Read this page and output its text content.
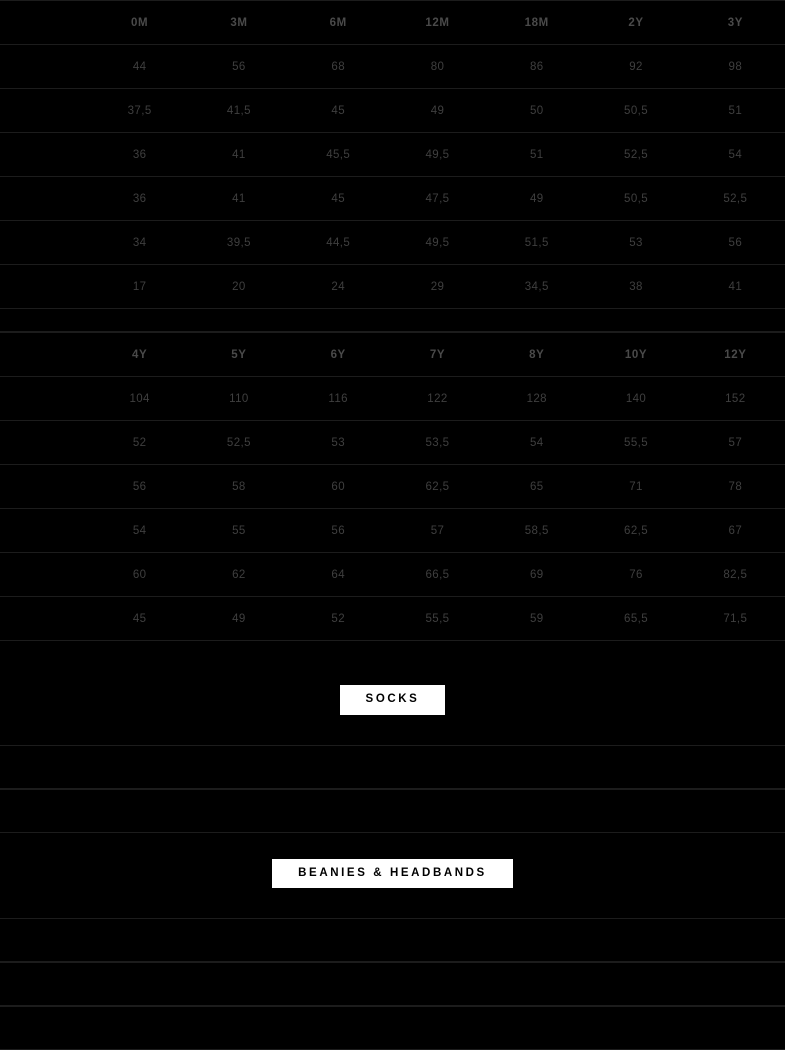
	0M	3M	6M	12M	18M	2Y	3Y
	44	56	68	80	86	92	98
	37,5	41,5	45	49	50	50,5	51
	36	41	45,5	49,5	51	52,5	54
	36	41	45	47,5	49	50,5	52,5
	34	39,5	44,5	49,5	51,5	53	56
	17	20	24	29	34,5	38	41

	4Y	5Y	6Y	7Y	8Y	10Y	12Y
	104	110	116	122	128	140	152
	52	52,5	53	53,5	54	55,5	57
	56	58	60	62,5	65	71	78
	54	55	56	57	58,5	62,5	67
	60	62	64	66,5	69	76	82,5
	45	49	52	55,5	59	65,5	71,5
SOCKS
BEANIES & HEADBANDS
